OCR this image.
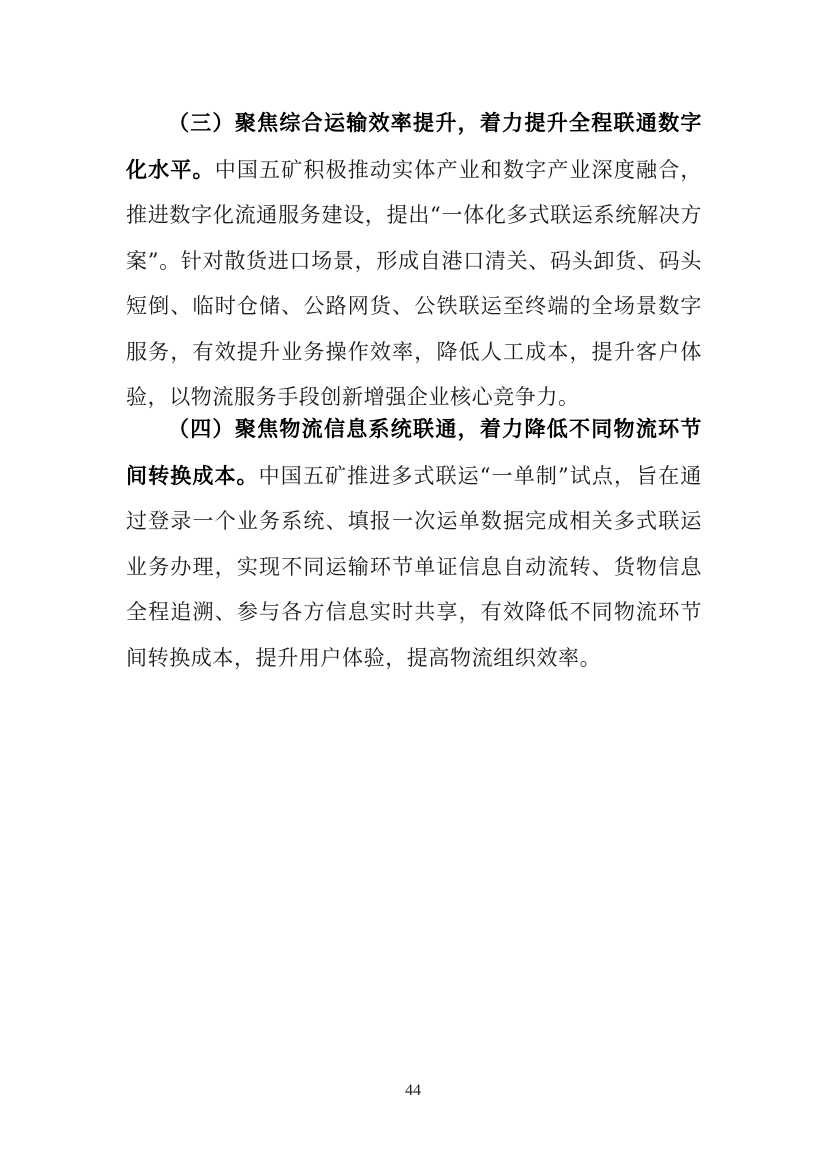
（三）聚焦综合运输效率提升，着力提升全程联通数字化水平。中国五矿积极推动实体产业和数字产业深度融合，推进数字化流通服务建设，提出“一体化多式联运系统解决方案”。针对散货进口场景，形成自港口清关、码头卸货、码头短倒、临时仓储、公路网货、公铁联运至终端的全场景数字服务，有效提升业务操作效率，降低人工成本，提升客户体验，以物流服务手段创新增强企业核心竞争力。

（四）聚焦物流信息系统联通，着力降低不同物流环节间转换成本。中国五矿推进多式联运“一单制”试点，旨在通过登录一个业务系统、填报一次运单数据完成相关多式联运业务办理，实现不同运输环节单证信息自动流转、货物信息全程追溯、参与各方信息实时共享，有效降低不同物流环节间转换成本，提升用户体验，提高物流组织效率。

44
